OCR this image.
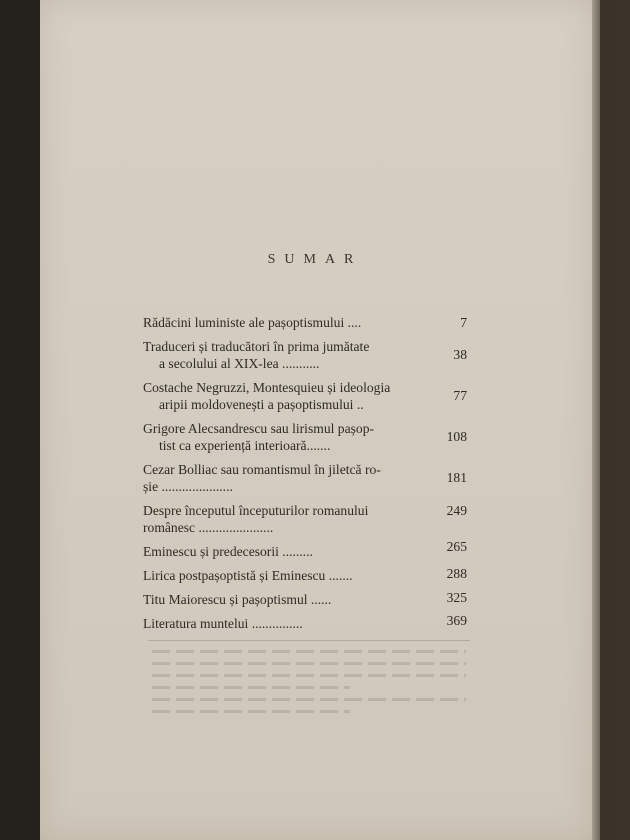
SUMAR
Rădăcini luministe ale pașoptismului ....	7
Traduceri și traducători în prima jumătate
a secolului al XIX-lea ...........
38
Costache Negruzzi, Montesquieu și ideologia
aripii moldovenești a pașoptismului ..
77
Grigore Alecsandrescu sau lirismul pașop-
tist ca experiență interioară.......
108
Cezar Bolliac sau romantismul în jiletcă ro-
șie .....................
181
Despre începutul începuturilor romanului
românesc ......................
249
Eminescu și predecesorii .........	265
Lirica postpașoptistă și Eminescu .......	288
Titu Maiorescu și pașoptismul ......	325
Literatura muntelui ...............	369
